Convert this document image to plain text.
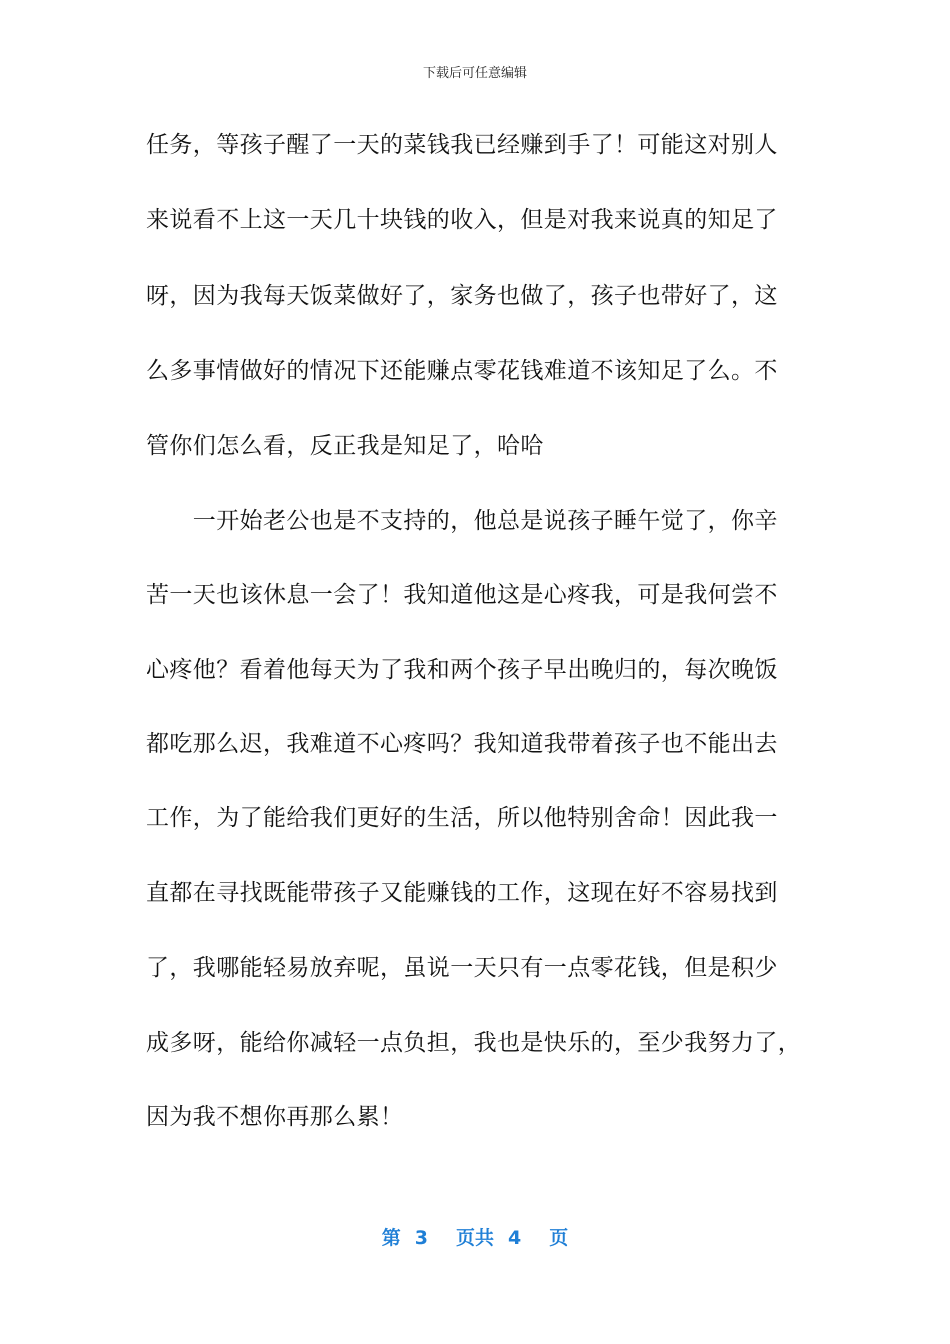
下载后可任意编辑
任务，等孩子醒了一天的菜钱我已经赚到手了！可能这对别人
来说看不上这一天几十块钱的收入，但是对我来说真的知足了
呀，因为我每天饭菜做好了，家务也做了，孩子也带好了，这
么多事情做好的情况下还能赚点零花钱难道不该知足了么。不
管你们怎么看，反正我是知足了，哈哈
　　一开始老公也是不支持的，他总是说孩子睡午觉了，你辛
苦一天也该休息一会了！我知道他这是心疼我，可是我何尝不
心疼他？看着他每天为了我和两个孩子早出晚归的，每次晚饭
都吃那么迟，我难道不心疼吗？我知道我带着孩子也不能出去
工作，为了能给我们更好的生活，所以他特别舍命！因此我一
直都在寻找既能带孩子又能赚钱的工作，这现在好不容易找到
了，我哪能轻易放弃呢，虽说一天只有一点零花钱，但是积少
成多呀，能给你减轻一点负担，我也是快乐的，至少我努力了，
因为我不想你再那么累！
第 3 页共 4 页
